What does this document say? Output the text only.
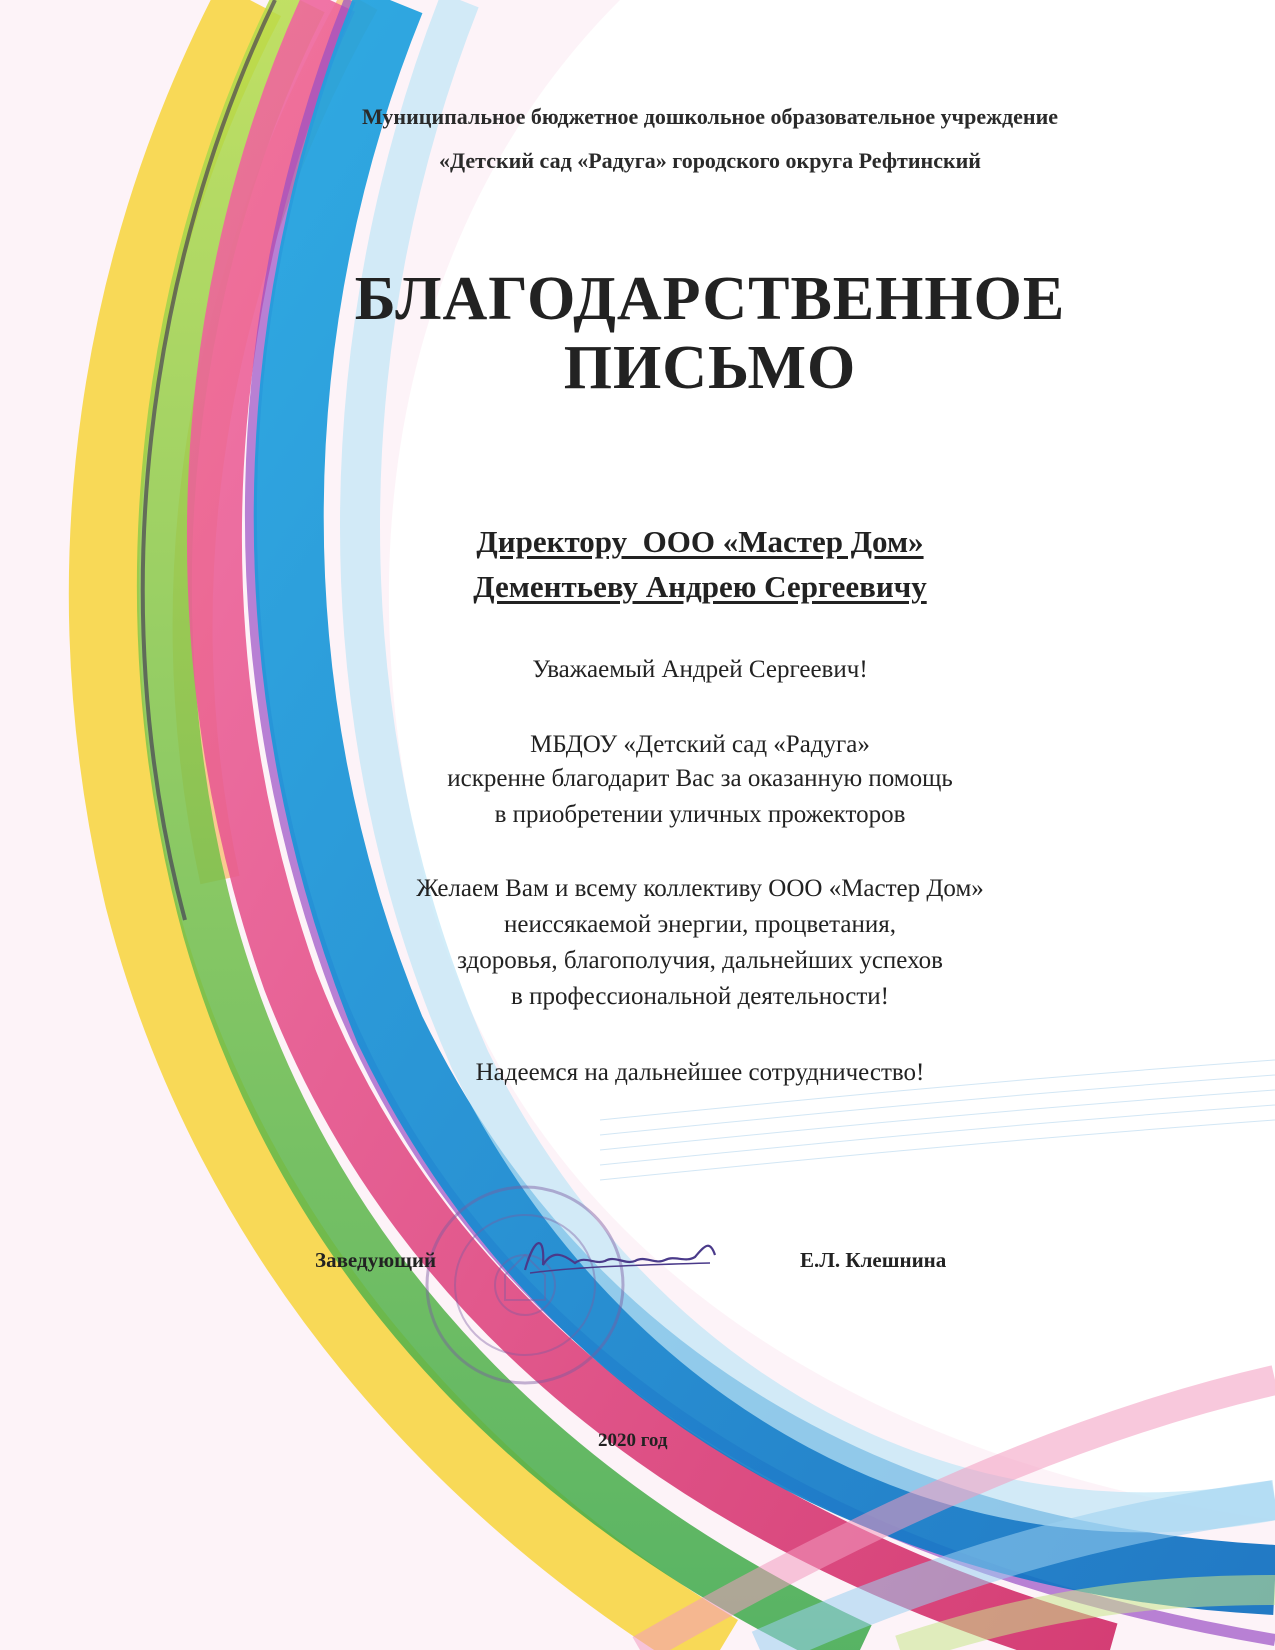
Муниципальное бюджетное дошкольное образовательное учреждение
«Детский сад «Радуга» городского округа Рефтинский
БЛАГОДАРСТВЕННОЕ
ПИСЬМО
Директору  ООО «Мастер Дом»
Дементьеву Андрею Сергеевичу
Уважаемый Андрей Сергеевич!
МБДОУ «Детский сад «Радуга»
искренне благодарит Вас за оказанную помощь
в приобретении уличных прожекторов
Желаем Вам и всему коллективу ООО «Мастер Дом»
неиссякаемой энергии, процветания,
здоровья, благополучия, дальнейших успехов
в профессиональной деятельности!
Надеемся на дальнейшее сотрудничество!
Заведующий	Е.Л. Клешнина
2020 год
